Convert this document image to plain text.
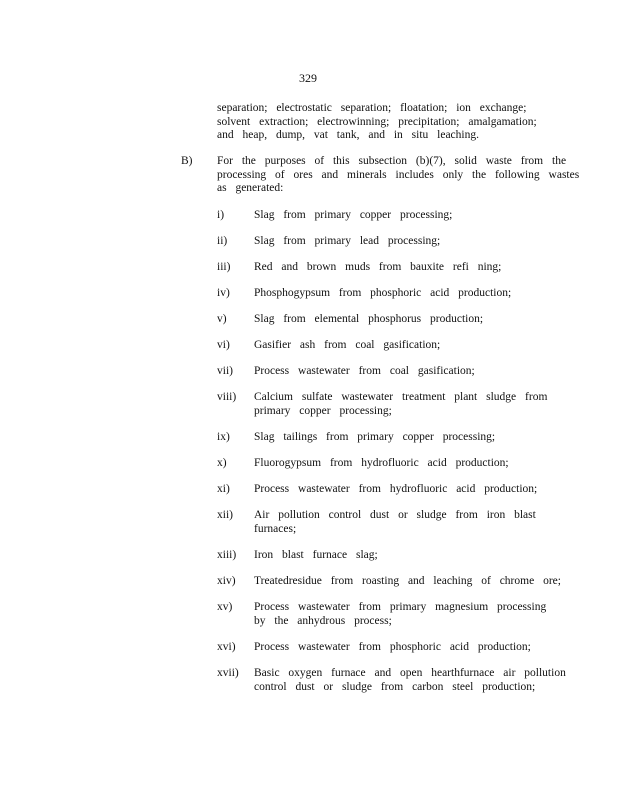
329
separation; electrostatic separation; floatation; ion exchange;
solvent extraction; electrowinning; precipitation; amalgamation;
and heap, dump, vat tank, and in situ leaching.
B) For the purposes of this subsection (b)(7), solid waste from the
processing of ores and minerals includes only the following wastes
as generated:
i)	Slag from primary copper processing;
ii) Slag from primary lead processing;
iii) Red and brown muds from bauxite refi ning;
iv) Phosphogypsum from phosphoric acid production;
v) Slag from elemental phosphorus production;
vi) Gasifier ash from coal gasification;
vii) Process wastewater from coal gasification;
viii) Calcium sulfate wastewater treatment plant sludge from
primary copper processing;
ix) Slag tailings from primary copper processing;
x) Fluorogypsum from hydrofluoric acid production;
xi) Process wastewater from hydrofluoric acid production;
xii) Air pollution control dust or sludge from iron blast
furnaces;
xiii) Iron blast furnace slag;
xiv) Treatedresidue from roasting and leaching of chrome ore;
xv) Process wastewater from primary magnesium processing
by the anhydrous process;
xvi) Process wastewater from phosphoric acid production;
xvii) Basic oxygen furnace and open hearthfurnace air pollution
control dust or sludge from carbon steel production;
